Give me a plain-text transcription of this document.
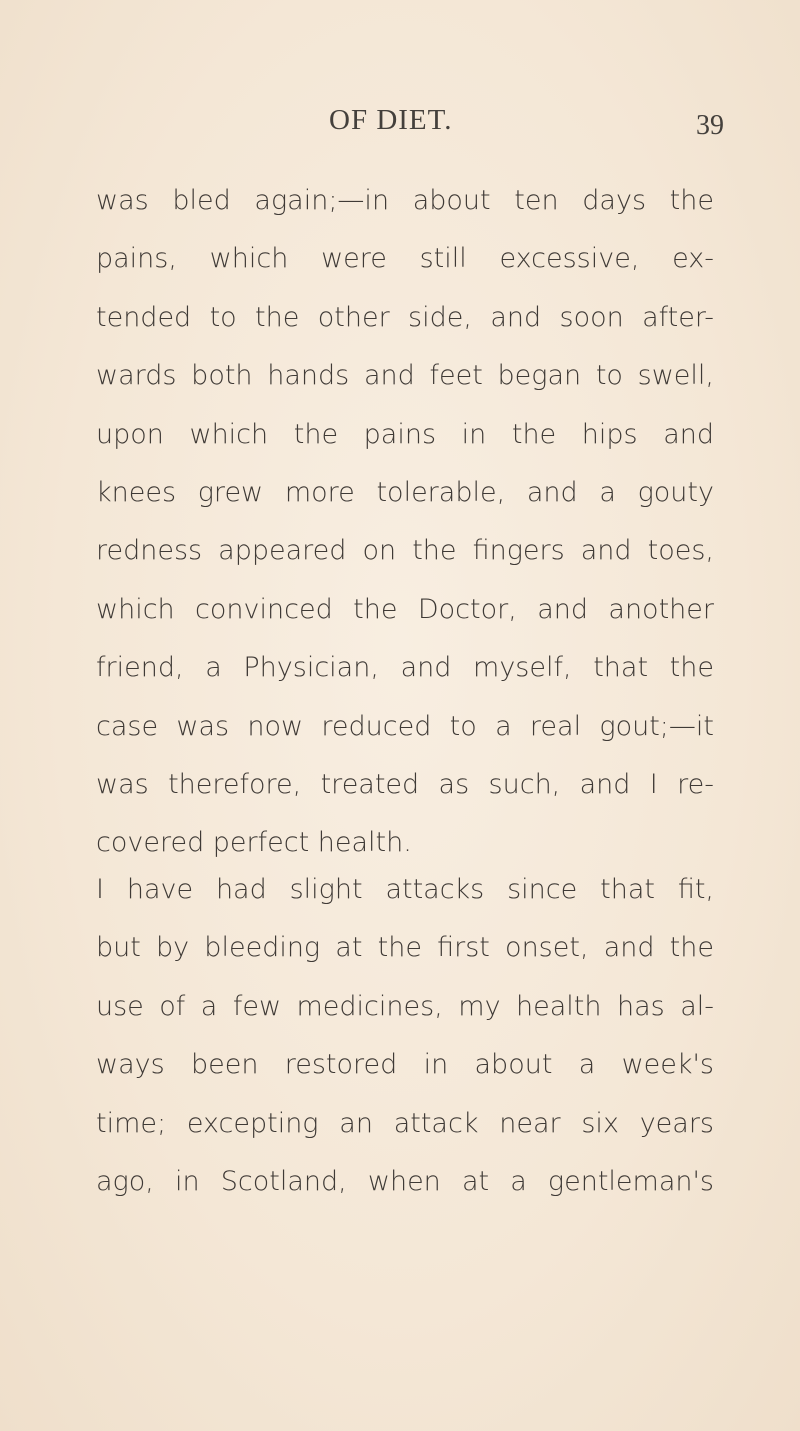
OF DIET.	39
was bled again;—in about ten days the
pains, which were still excessive, ex-
tended to the other side, and soon after-
wards both hands and feet began to swell,
upon which the pains in the hips and
knees grew more tolerable, and a gouty
redness appeared on the fingers and toes,
which convinced the Doctor, and another
friend, a Physician, and myself, that the
case was now reduced to a real gout;—it
was therefore, treated as such, and I re-
covered perfect health.
I have had slight attacks since that fit,
but by bleeding at the first onset, and the
use of a few medicines, my health has al-
ways been restored in about a week's
time; excepting an attack near six years
ago, in Scotland, when at a gentleman's
